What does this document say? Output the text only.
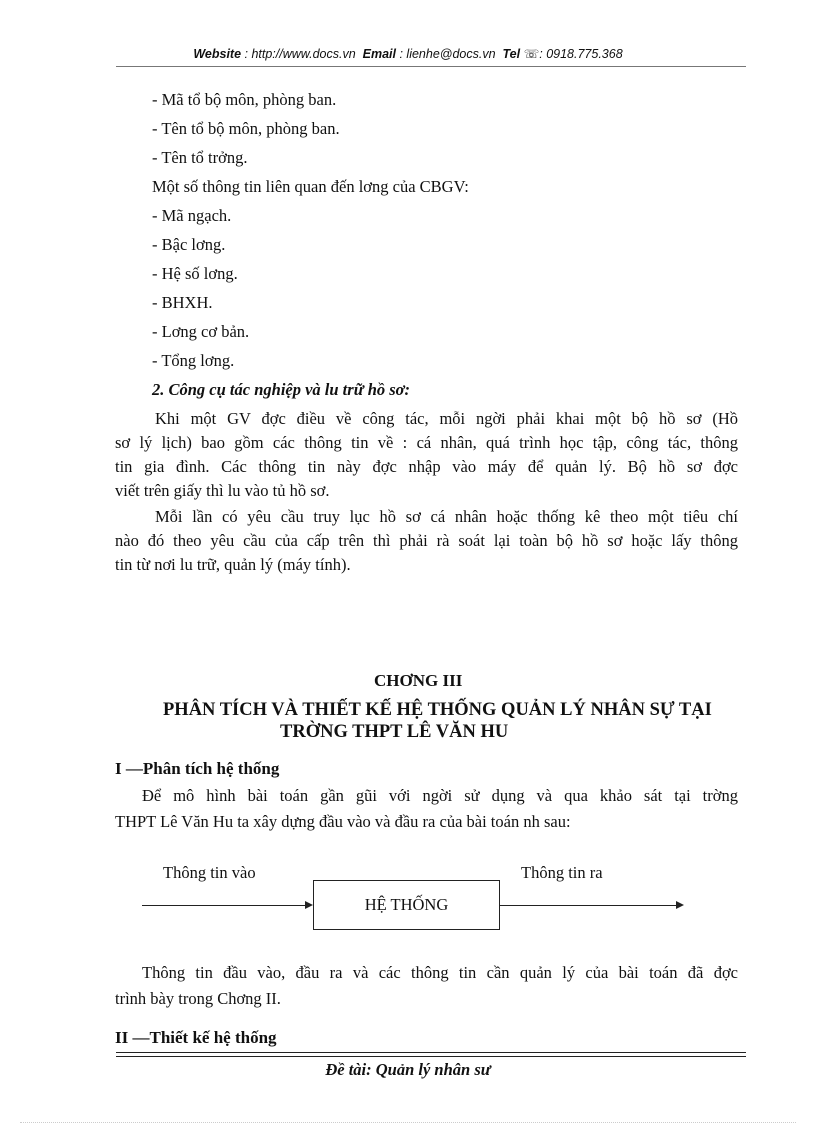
Website : http://www.docs.vn Email : lienhe@docs.vn Tel ☏: 0918.775.368
- Mã tổ bộ môn, phòng ban.
- Tên tổ bộ môn, phòng ban.
- Tên tổ trởng.
Một số thông tin liên quan đến lơng của CBGV:
- Mã ngạch.
- Bậc lơng.
- Hệ số lơng.
- BHXH.
- Lơng cơ bản.
- Tổng lơng.
2. Công cụ tác nghiệp và lu trữ hồ sơ:
Khi một GV đợc điều về công tác, mỗi ngời phải khai một bộ hồ sơ (Hồ
sơ lý lịch) bao gồm các thông tin về : cá nhân, quá trình học tập, công tác, thông
tin gia đình. Các thông tin này đợc nhập vào máy để quản lý. Bộ hồ sơ đợc
viết trên giấy thì lu vào tủ hồ sơ.
Mỗi lần có yêu cầu truy lục hồ sơ cá nhân hoặc thống kê theo một tiêu chí
nào đó theo yêu cầu của cấp trên thì phải rà soát lại toàn bộ hồ sơ hoặc lấy thông
tin từ nơi lu trữ, quản lý (máy tính).
CHƠNG III
PHÂN TÍCH VÀ THIẾT KẾ HỆ THỐNG QUẢN LÝ NHÂN SỰ TẠI
TRỜNG THPT LÊ VĂN HU
I —Phân tích hệ thống
Để mô hình bài toán gần gũi với ngời sử dụng và qua khảo sát tại trờng
THPT Lê Văn Hu ta xây dựng đầu vào và đầu ra của bài toán nh sau:
Thông tin vào	Thông tin ra
HỆ THỐNG
Thông tin đầu vào, đầu ra và các thông tin cần quản lý của bài toán đã đợc
trình bày trong Chơng II.
II —Thiết kế hệ thống
Đề tài: Quản lý nhân sư
